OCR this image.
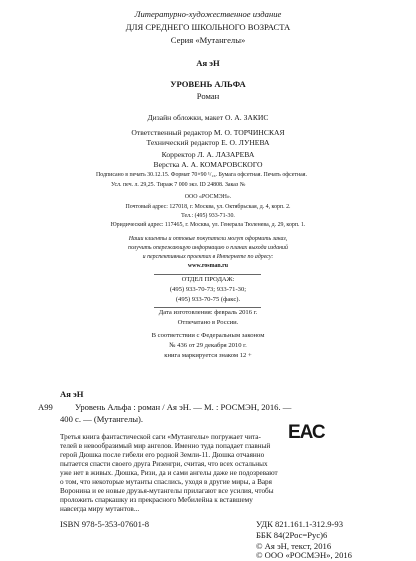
Литературно-художественное издание
ДЛЯ СРЕДНЕГО ШКОЛЬНОГО ВОЗРАСТА
Серия «Мутангелы»
Ая эН
УРОВЕНЬ АЛЬФА
Роман
Дизайн обложки, макет О. А. ЗАКИС
Ответственный редактор М. О. ТОРЧИНСКАЯ
Технический редактор Е. О. ЛУНЕВА
Корректор Л. А. ЛАЗАРЕВА
Верстка А. А. КОМАРОВСКОГО
Подписано в печать 30.12.15. Формат 70×90 ¹/₁₆. Бумага офсетная. Печать офсетная.
Усл. печ. л. 29,25. Тираж 7 000 экз. ID 24808. Заказ №
ООО «РОСМЭН».
Почтовый адрес: 127018, г. Москва, ул. Октябрьская, д. 4, корп. 2.
Тел.: (495) 933-71-30.
Юридический адрес: 117465, г. Москва, ул. Генерала Тюленева, д. 29, корп. 1.
Наши клиенты и оптовые покупатели могут оформить заказ,
получить опережающую информацию о планах выхода изданий
и перспективных проектах в Интернете по адресу:
www.rosman.ru
ОТДЕЛ ПРОДАЖ:
(495) 933-70-73; 933-71-30;
(495) 933-70-75 (факс).
Дата изготовления: февраль 2016 г.
Отпечатано в России.
В соответствии с Федеральным законом
№ 436 от 29 декабря 2010 г.
книга маркируется знаком 12 +
ЕАС
Ая эН
А99	Уровень Альфа : роман / Ая эН. — М. : РОСМЭН, 2016. —
400 с. — (Мутангелы).
Третья книга фантастической саги «Мутангелы» погружает чита-
телей в невообразимый мир ангелов. Именно туда попадает главный
герой Дюшка после гибели его родной Земли-11. Дюшка отчаянно
пытается спасти своего друга Ризенгри, считая, что всех остальных
уже нет в живых. Дюшка, Ризи, да и сами ангелы даже не подозревают
о том, что некоторые мутанты спаслись, уходя в другие миры, а Варя
Воронина и ее новые друзья-мутангелы прилагают все усилия, чтобы
проложить спаркашку из прекрасного Мебилейна к вставшему
навсегда миру мутантов...
ISBN 978-5-353-07601-8	УДК 821.161.1-312.9-93
ББК 84(2Рос=Рус)6
© Ая эН, текст, 2016
© ООО «РОСМЭН», 2016
